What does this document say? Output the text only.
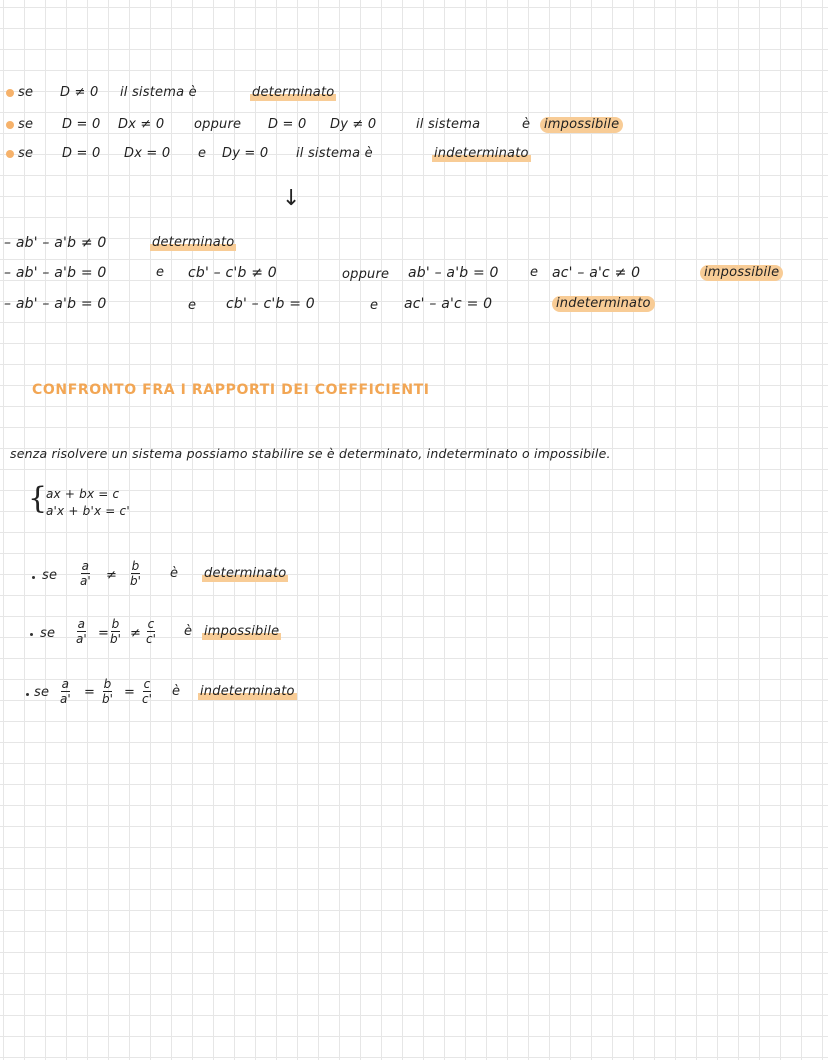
se D ≠ 0 il sistema è	determinato
se D = 0 Dx ≠ 0 oppure D = 0 Dy ≠ 0	il sistema	è	impossibile
se D = 0 Dx = 0 e Dy = 0 il sistema è	indeterminato
↓
– ab' – a'b ≠ 0	determinato
– ab' – a'b = 0	e cb' – c'b ≠ 0	oppure ab' – a'b = 0 e ac' – a'c ≠ 0	impossibile
– ab' – a'b = 0	e cb' – c'b = 0	e ac' – a'c = 0	indeterminato
CONFRONTO FRA I RAPPORTI DEI COEFFICIENTI
senza risolvere un sistema possiamo stabilire se è determinato, indeterminato o impossibile.
{
ax + bx = c
a'x + b'x = c'
se $\frac{a}{a'} \ne \frac{b}{b'}$ è determinato
se $\frac{a}{a'} = \frac{b}{b'} \ne \frac{c}{c'}$ è impossibile
se $\frac{a}{a'} = \frac{b}{b'} = \frac{c}{c'}$ è indeterminato
